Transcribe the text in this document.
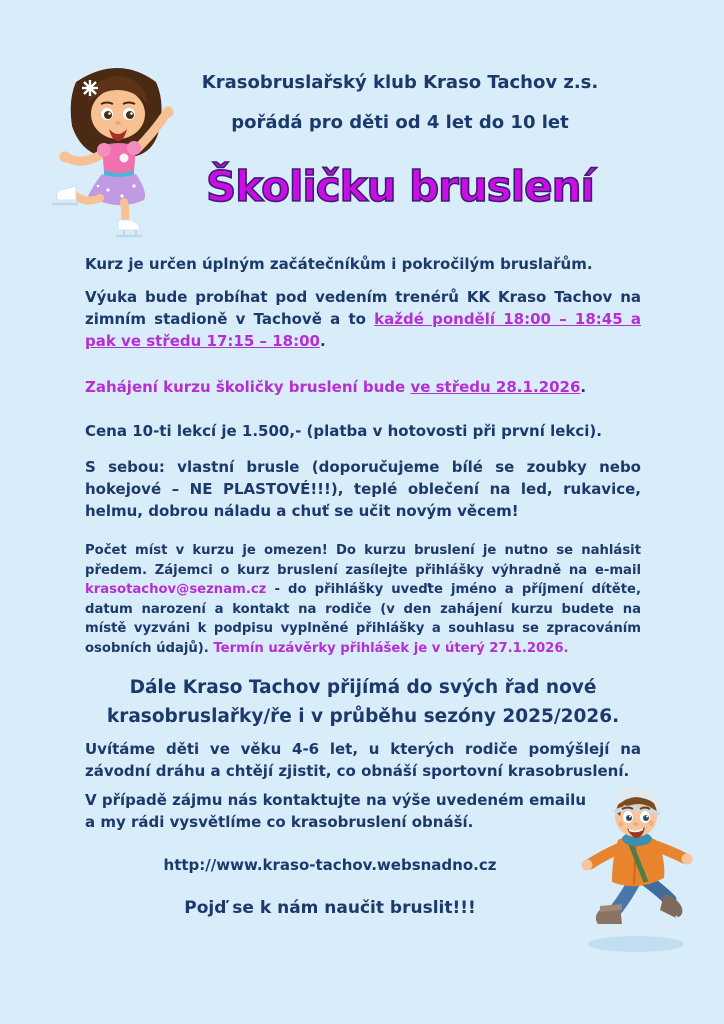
Krasobruslařský klub Kraso Tachov z.s.
pořádá pro děti od 4 let do 10 let
Školičku bruslení

Kurz je určen úplným začátečníkům i pokročilým bruslařům.

Výuka bude probíhat pod vedením trenérů KK Kraso Tachov na zimním stadioně v Tachově a to každé pondělí 18:00 – 18:45 a pak ve středu 17:15 – 18:00.

Zahájení kurzu školičky bruslení bude ve středu 28.1.2026.

Cena 10-ti lekcí je 1.500,- (platba v hotovosti při první lekci).

S sebou: vlastní brusle (doporučujeme bílé se zoubky nebo hokejové – NE PLASTOVÉ!!!), teplé oblečení na led, rukavice, helmu, dobrou náladu a chuť se učit novým věcem!

Počet míst v kurzu je omezen! Do kurzu bruslení je nutno se nahlásit předem. Zájemci o kurz bruslení zasílejte přihlášky výhradně na e-mail krasotachov@seznam.cz - do přihlášky uveďte jméno a příjmení dítěte, datum narození a kontakt na rodiče (v den zahájení kurzu budete na místě vyzváni k podpisu vyplněné přihlášky a souhlasu se zpracováním osobních údajů). Termín uzávěrky přihlášek je v úterý 27.1.2026.

Dále Kraso Tachov přijímá do svých řad nové krasobruslařky/ře i v průběhu sezóny 2025/2026.

Uvítáme děti ve věku 4-6 let, u kterých rodiče pomýšlejí na závodní dráhu a chtějí zjistit, co obnáší sportovní krasobruslení.

V případě zájmu nás kontaktujte na výše uvedeném emailu a my rádi vysvětlíme co krasobruslení obnáší.

http://www.kraso-tachov.websnadno.cz

Pojď se k nám naučit bruslit!!!
